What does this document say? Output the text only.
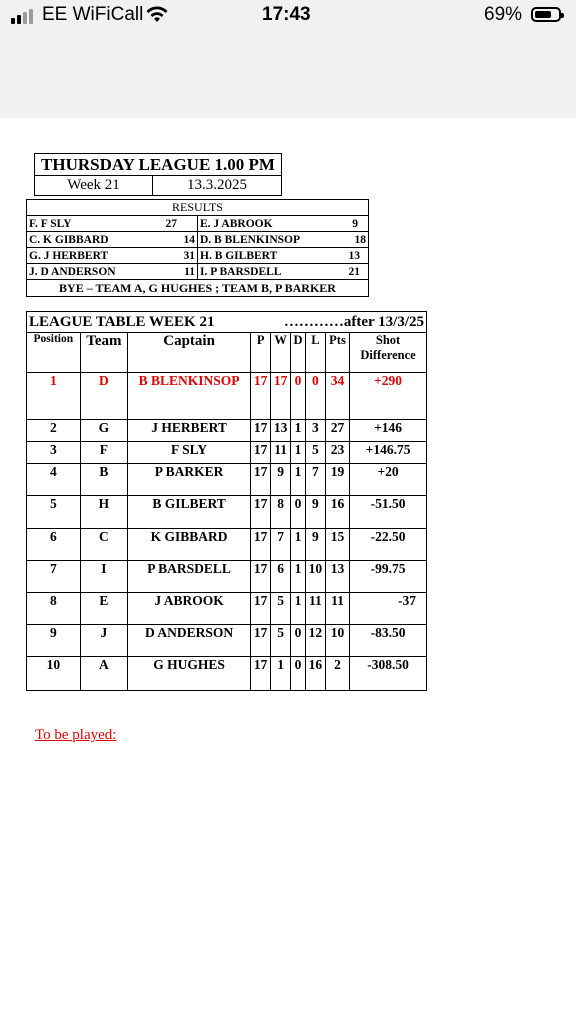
EE WiFiCall	17:43	69%
THURSDAY LEAGUE 1.00 PM
Week 21	13.3.2025
RESULTS	
F. F SLY 27	E. J ABROOK 9

C. K GIBBARD 14	D. B BLENKINSOP 18

G. J HERBERT 31	H. B GILBERT 13

J. D ANDERSON 11	I. P BARSDELL 21

BYE – TEAM A, G HUGHES ; TEAM B, P BARKER	
LEAGUE TABLE WEEK 21 …………after 13/3/25								

Position	Team	Captain	P	W	D	L	Pts	Shot Difference
1	D	B BLENKINSOP	17	17	0	0	34	+290
2	G	J HERBERT	17	13	1	3	27	+146
3	F	F SLY	17	11	1	5	23	+146.75
4	B	P BARKER	17	9	1	7	19	+20
5	H	B GILBERT	17	8	0	9	16	-51.50
6	C	K GIBBARD	17	7	1	9	15	-22.50
7	I	P BARSDELL	17	6	1	10	13	-99.75
8	E	J ABROOK	17	5	1	11	11	-37
9	J	D ANDERSON	17	5	0	12	10	-83.50
10	A	G HUGHES	17	1	0	16	2	-308.50
To be played:
